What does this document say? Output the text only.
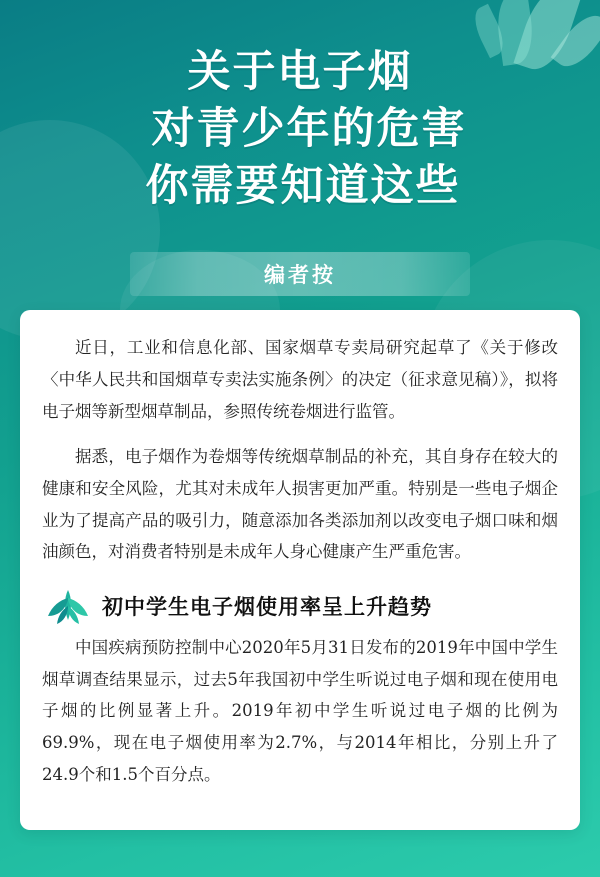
关于电子烟
对青少年的危害
你需要知道这些
编者按

近日，工业和信息化部、国家烟草专卖局研究起草了《关于修改〈中华人民共和国烟草专卖法实施条例〉的决定（征求意见稿）》，拟将电子烟等新型烟草制品，参照传统卷烟进行监管。

据悉，电子烟作为卷烟等传统烟草制品的补充，其自身存在较大的健康和安全风险，尤其对未成年人损害更加严重。特别是一些电子烟企业为了提高产品的吸引力，随意添加各类添加剂以改变电子烟口味和烟油颜色，对消费者特别是未成年人身心健康产生严重危害。

初中学生电子烟使用率呈上升趋势

中国疾病预防控制中心2020年5月31日发布的2019年中国中学生烟草调查结果显示，过去5年我国初中学生听说过电子烟和现在使用电子烟的比例显著上升。2019年初中学生听说过电子烟的比例为69.9%，现在电子烟使用率为2.7%，与2014年相比，分别上升了24.9个和1.5个百分点。
